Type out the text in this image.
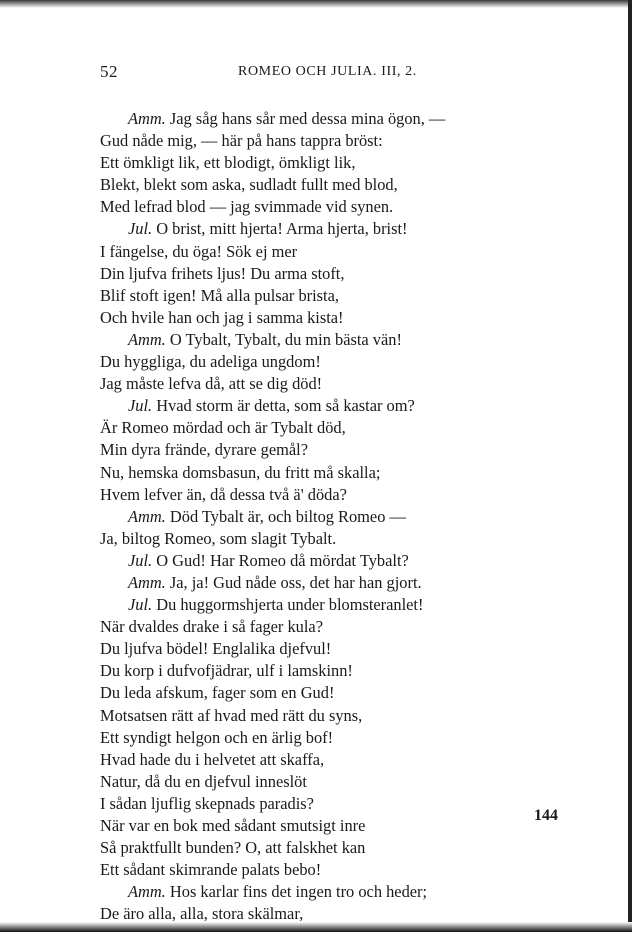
52	ROMEO OCH JULIA. III, 2.
Amm. Jag såg hans sår med dessa mina ögon, —
Gud nåde mig, — här på hans tappra bröst:
Ett ömkligt lik, ett blodigt, ömkligt lik,
Blekt, blekt som aska, sudladt fullt med blod,
Med lefrad blod — jag svimmade vid synen.
Jul. O brist, mitt hjerta! Arma hjerta, brist!
I fängelse, du öga! Sök ej mer
Din ljufva frihets ljus! Du arma stoft,
Blif stoft igen! Må alla pulsar brista,
Och hvile han och jag i samma kista!
Amm. O Tybalt, Tybalt, du min bästa vän!
Du hyggliga, du adeliga ungdom!
Jag måste lefva då, att se dig död!
Jul. Hvad storm är detta, som så kastar om?
Är Romeo mördad och är Tybalt död,
Min dyra frände, dyrare gemål?
Nu, hemska domsbasun, du fritt må skalla;
Hvem lefver än, då dessa två ä' döda?
Amm. Död Tybalt är, och biltog Romeo —
Ja, biltog Romeo, som slagit Tybalt.
Jul. O Gud! Har Romeo då mördat Tybalt?
Amm. Ja, ja! Gud nåde oss, det har han gjort.
Jul. Du huggormshjerta under blomsteranlet!
När dvaldes drake i så fager kula?
Du ljufva bödel! Englalika djefvul!
Du korp i dufvofjädrar, ulf i lamskinn!
Du leda afskum, fager som en Gud!
Motsatsen rätt af hvad med rätt du syns,
Ett syndigt helgon och en ärlig bof!
Hvad hade du i helvetet att skaffa,
Natur, då du en djefvul inneslöt
I sådan ljuflig skepnads paradis?
När var en bok med sådant smutsigt inre
Så praktfullt bunden? O, att falskhet kan
Ett sådant skimrande palats bebo!
Amm. Hos karlar fins det ingen tro och heder;
De äro alla, alla, stora skälmar,
144
